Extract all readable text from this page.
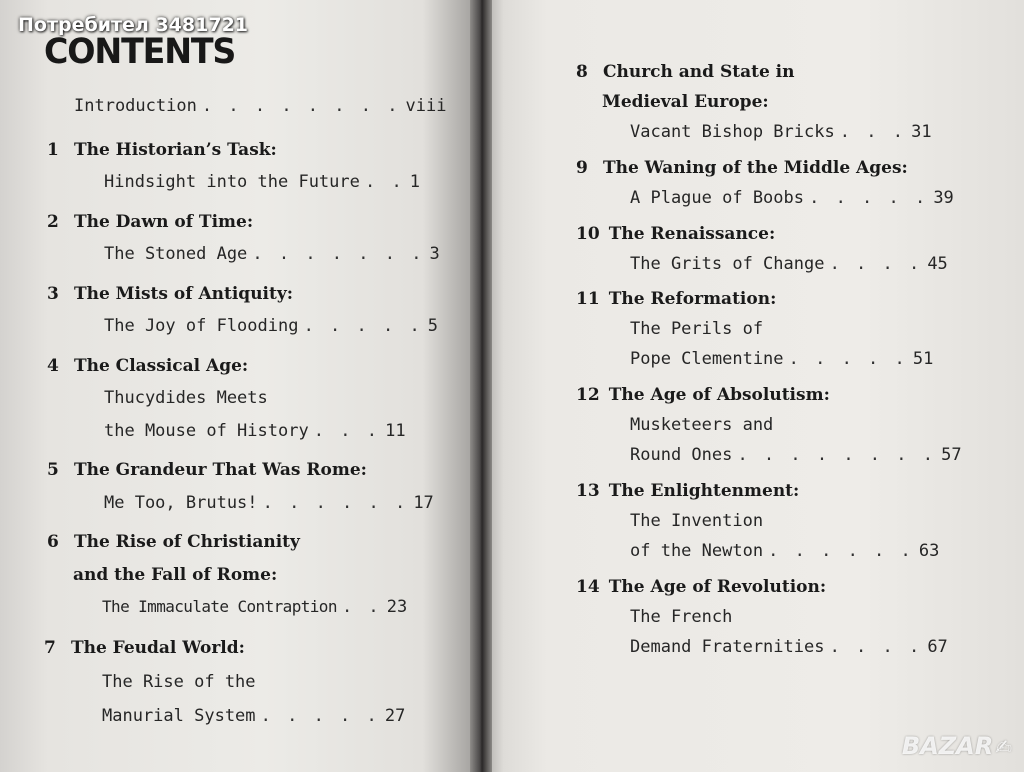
Потребител 3481721
CONTENTS
Introduction . . . . . . . . viii
1 The Historian’s Task:
Hindsight into the Future . . 1
2 The Dawn of Time:
The Stoned Age . . . . . . . 3
3 The Mists of Antiquity:
The Joy of Flooding . . . . . 5
4 The Classical Age:
Thucydides Meets
the Mouse of History . . . 11
5 The Grandeur That Was Rome:
Me Too, Brutus! . . . . . . 17
6 The Rise of Christianity
and the Fall of Rome:
The Immaculate Contraption . . 23
7 The Feudal World:
The Rise of the
Manurial System . . . . . 27
8 Church and State in
Medieval Europe:
Vacant Bishop Bricks . . . 31
9 The Waning of the Middle Ages:
A Plague of Boobs . . . . . 39
10 The Renaissance:
The Grits of Change . . . . 45
11 The Reformation:
The Perils of
Pope Clementine . . . . . 51
12 The Age of Absolutism:
Musketeers and
Round Ones . . . . . . . . 57
13 The Enlightenment:
The Invention
of the Newton . . . . . . 63
14 The Age of Revolution:
The French
Demand Fraternities . . . . 67
BAZAR ✍
